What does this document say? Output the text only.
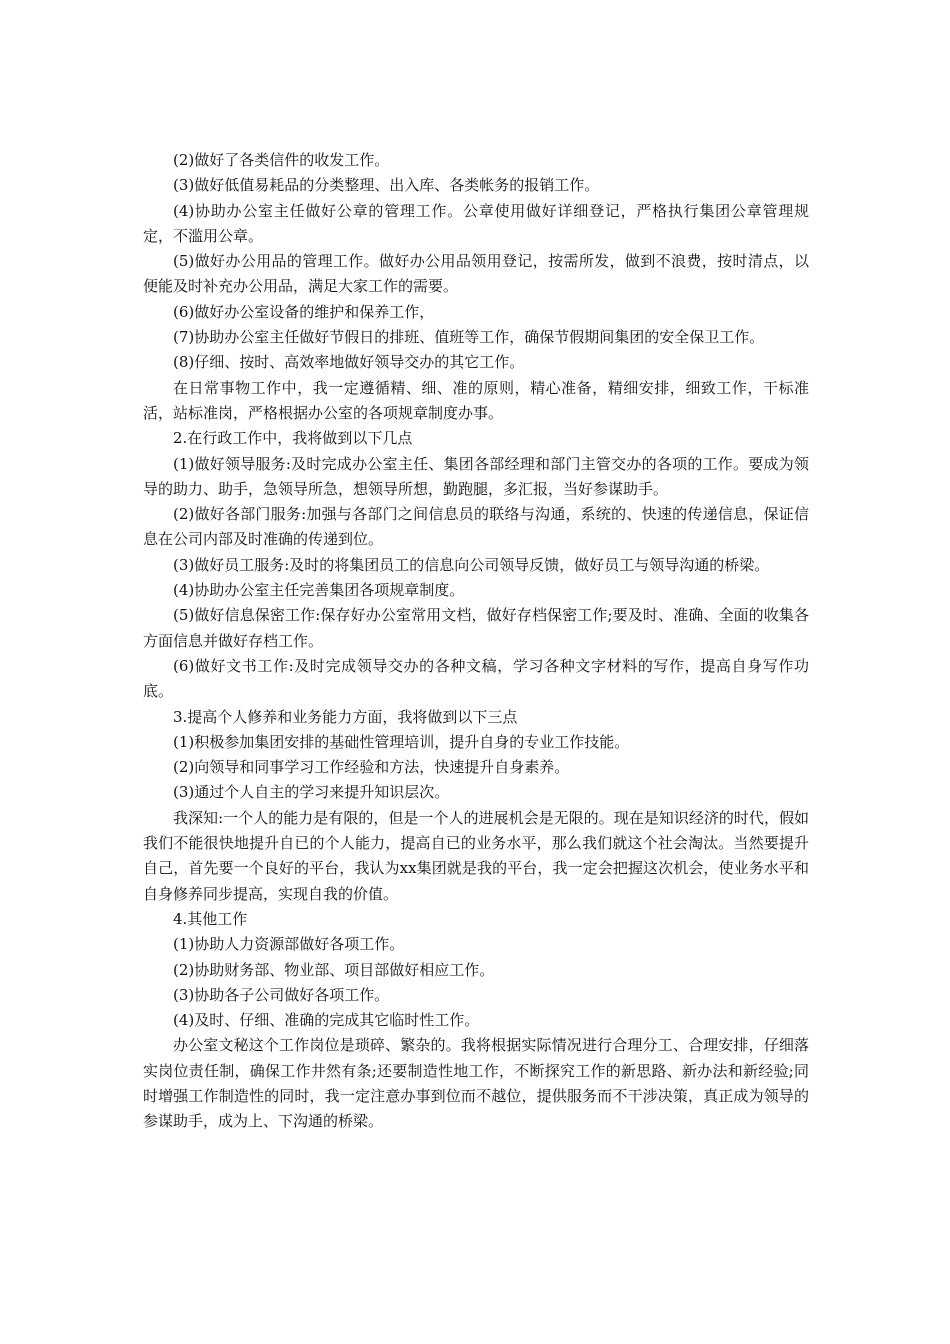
(2)做好了各类信件的收发工作。

(3)做好低值易耗品的分类整理、出入库、各类帐务的报销工作。

(4)协助办公室主任做好公章的管理工作。公章使用做好详细登记，严格执行集团公章管理规定，不滥用公章。

(5)做好办公用品的管理工作。做好办公用品领用登记，按需所发，做到不浪费，按时清点，以便能及时补充办公用品，满足大家工作的需要。

(6)做好办公室设备的维护和保养工作，

(7)协助办公室主任做好节假日的排班、值班等工作，确保节假期间集团的安全保卫工作。

(8)仔细、按时、高效率地做好领导交办的其它工作。

在日常事物工作中，我一定遵循精、细、准的原则，精心准备，精细安排，细致工作，干标准活，站标准岗，严格根据办公室的各项规章制度办事。

2.在行政工作中，我将做到以下几点

(1)做好领导服务:及时完成办公室主任、集团各部经理和部门主管交办的各项的工作。要成为领导的助力、助手，急领导所急，想领导所想，勤跑腿，多汇报，当好参谋助手。

(2)做好各部门服务:加强与各部门之间信息员的联络与沟通，系统的、快速的传递信息，保证信息在公司内部及时准确的传递到位。

(3)做好员工服务:及时的将集团员工的信息向公司领导反馈，做好员工与领导沟通的桥梁。

(4)协助办公室主任完善集团各项规章制度。

(5)做好信息保密工作:保存好办公室常用文档，做好存档保密工作;要及时、准确、全面的收集各方面信息并做好存档工作。

(6)做好文书工作:及时完成领导交办的各种文稿，学习各种文字材料的写作，提高自身写作功底。

3.提高个人修养和业务能力方面，我将做到以下三点

(1)积极参加集团安排的基础性管理培训，提升自身的专业工作技能。

(2)向领导和同事学习工作经验和方法，快速提升自身素养。

(3)通过个人自主的学习来提升知识层次。

我深知:一个人的能力是有限的，但是一个人的进展机会是无限的。现在是知识经济的时代，假如我们不能很快地提升自已的个人能力，提高自已的业务水平，那么我们就这个社会淘汰。当然要提升自己，首先要一个良好的平台，我认为xx集团就是我的平台，我一定会把握这次机会，使业务水平和自身修养同步提高，实现自我的价值。

4.其他工作

(1)协助人力资源部做好各项工作。

(2)协助财务部、物业部、项目部做好相应工作。

(3)协助各子公司做好各项工作。

(4)及时、仔细、准确的完成其它临时性工作。

办公室文秘这个工作岗位是琐碎、繁杂的。我将根据实际情况进行合理分工、合理安排，仔细落实岗位责任制，确保工作井然有条;还要制造性地工作，不断探究工作的新思路、新办法和新经验;同时增强工作制造性的同时，我一定注意办事到位而不越位，提供服务而不干涉决策，真正成为领导的参谋助手，成为上、下沟通的桥梁。
